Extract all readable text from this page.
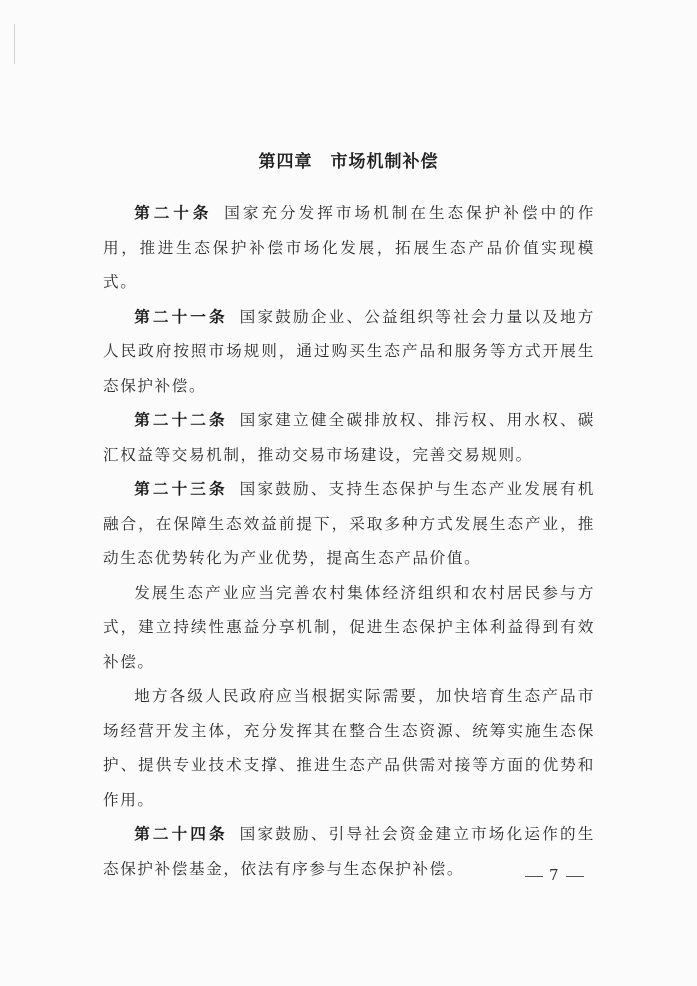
第四章　市场机制补偿

第二十条 国家充分发挥市场机制在生态保护补偿中的作用，推进生态保护补偿市场化发展，拓展生态产品价值实现模式。

第二十一条 国家鼓励企业、公益组织等社会力量以及地方人民政府按照市场规则，通过购买生态产品和服务等方式开展生态保护补偿。

第二十二条 国家建立健全碳排放权、排污权、用水权、碳汇权益等交易机制，推动交易市场建设，完善交易规则。

第二十三条 国家鼓励、支持生态保护与生态产业发展有机融合，在保障生态效益前提下，采取多种方式发展生态产业，推动生态优势转化为产业优势，提高生态产品价值。

发展生态产业应当完善农村集体经济组织和农村居民参与方式，建立持续性惠益分享机制，促进生态保护主体利益得到有效补偿。

地方各级人民政府应当根据实际需要，加快培育生态产品市场经营开发主体，充分发挥其在整合生态资源、统筹实施生态保护、提供专业技术支撑、推进生态产品供需对接等方面的优势和作用。

第二十四条 国家鼓励、引导社会资金建立市场化运作的生态保护补偿基金，依法有序参与生态保护补偿。	7
